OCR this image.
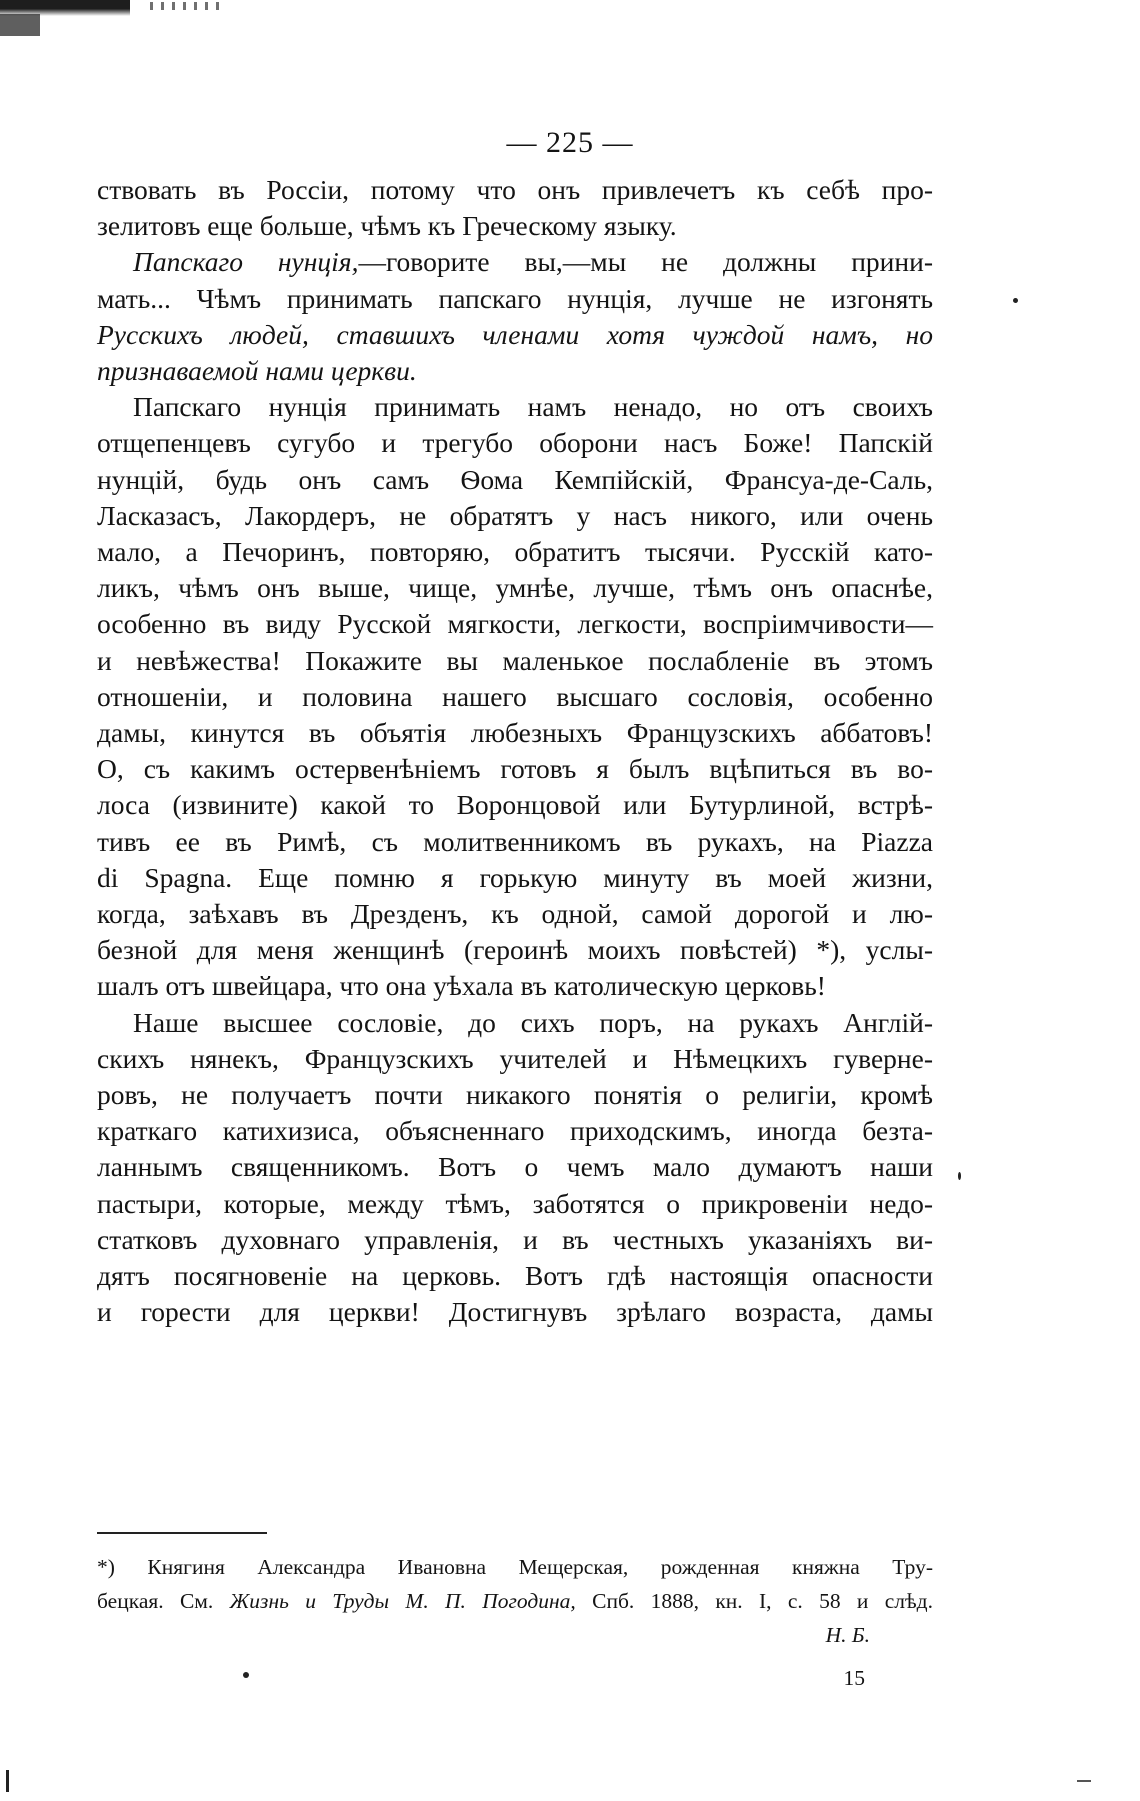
— 225 —
ствовать въ Россіи, потому что онъ привлечетъ къ себѣ про-
зелитовъ еще больше, чѣмъ къ Греческому языку.
Папскаго нунція,—говорите вы,—мы не должны прини-
мать... Чѣмъ принимать папскаго нунція, лучше не изгонять
Русскихъ людей, ставшихъ членами хотя чуждой намъ, но
признаваемой нами церкви.
Папскаго нунція принимать намъ ненадо, но отъ своихъ
отщепенцевъ сугубо и трегубо оборони насъ Боже! Папскій
нунцій, будь онъ самъ Ѳома Кемпійскій, Франсуа-де-Саль,
Ласказасъ, Лакордеръ, не обратятъ у насъ никого, или очень
мало, а Печоринъ, повторяю, обратитъ тысячи. Русскій като-
ликъ, чѣмъ онъ выше, чище, умнѣе, лучше, тѣмъ онъ опаснѣе,
особенно въ виду Русской мягкости, легкости, воспріимчивости—
и невѣжества! Покажите вы маленькое послабленіе въ этомъ
отношеніи, и половина нашего высшаго сословія, особенно
дамы, кинутся въ объятія любезныхъ Французскихъ аббатовъ!
О, съ какимъ остервенѣніемъ готовъ я былъ вцѣпиться въ во-
лоса (извините) какой то Воронцовой или Бутурлиной, встрѣ-
тивъ ее въ Римѣ, съ молитвенникомъ въ рукахъ, на Piazza
di Spagna. Еще помню я горькую минуту въ моей жизни,
когда, заѣхавъ въ Дрезденъ, къ одной, самой дорогой и лю-
безной для меня женщинѣ (героинѣ моихъ повѣстей) *), услы-
шалъ отъ швейцара, что она уѣхала въ католическую церковь!
Наше высшее сословіе, до сихъ поръ, на рукахъ Англій-
скихъ нянекъ, Французскихъ учителей и Нѣмецкихъ гуверне-
ровъ, не получаетъ почти никакого понятія о религіи, кромѣ
краткаго катихизиса, объясненнаго приходскимъ, иногда безта-
ланнымъ священникомъ. Вотъ о чемъ мало думаютъ наши
пастыри, которые, между тѣмъ, заботятся о прикровеніи недо-
статковъ духовнаго управленія, и въ честныхъ указаніяхъ ви-
дятъ посягновеніе на церковь. Вотъ гдѣ настоящія опасности
и горести для церкви! Достигнувъ зрѣлаго возраста, дамы
*) Княгиня Александра Ивановна Мещерская, рожденная княжна Тру-
бецкая. См. Жизнь и Труды М. П. Погодина, Спб. 1888, кн. I, с. 58 и слѣд.
Н. Б.
15
